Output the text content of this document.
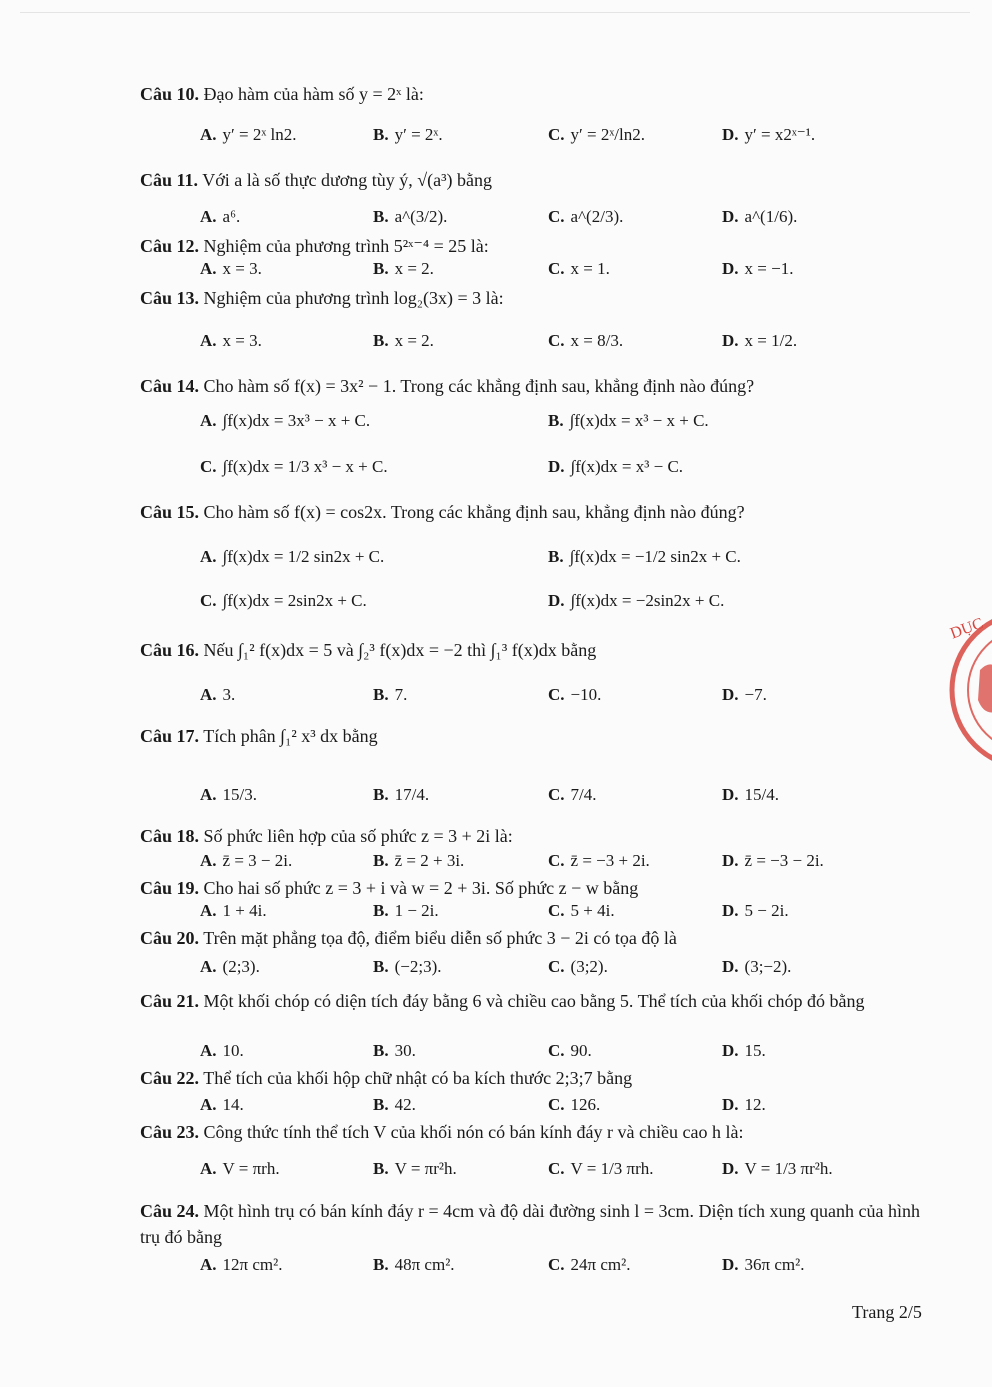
Câu 10. Đạo hàm của hàm số y = 2ˣ là:
A. y′ = 2ˣ ln2.	B. y′ = 2ˣ.	C. y′ = 2ˣ/ln2.	D. y′ = x2ˣ⁻¹.
Câu 11. Với a là số thực dương tùy ý, √(a³) bằng
A. a⁶.	B. a^(3/2).	C. a^(2/3).	D. a^(1/6).
Câu 12. Nghiệm của phương trình 5²ˣ⁻⁴ = 25 là:
A. x = 3.	B. x = 2.	C. x = 1.	D. x = −1.
Câu 13. Nghiệm của phương trình log₂(3x) = 3 là:
A. x = 3.	B. x = 2.	C. x = 8/3.	D. x = 1/2.
Câu 14. Cho hàm số f(x) = 3x² − 1. Trong các khẳng định sau, khẳng định nào đúng?
A. ∫f(x)dx = 3x³ − x + C.	B. ∫f(x)dx = x³ − x + C.
C. ∫f(x)dx = 1/3 x³ − x + C.	D. ∫f(x)dx = x³ − C.
Câu 15. Cho hàm số f(x) = cos2x. Trong các khẳng định sau, khẳng định nào đúng?
A. ∫f(x)dx = 1/2 sin2x + C.	B. ∫f(x)dx = −1/2 sin2x + C.
C. ∫f(x)dx = 2sin2x + C.	D. ∫f(x)dx = −2sin2x + C.
Câu 16. Nếu ∫₁² f(x)dx = 5 và ∫₂³ f(x)dx = −2 thì ∫₁³ f(x)dx bằng
A. 3.	B. 7.	C. −10.	D. −7.
Câu 17. Tích phân ∫₁² x³ dx bằng
A. 15/3.	B. 17/4.	C. 7/4.	D. 15/4.
Câu 18. Số phức liên hợp của số phức z = 3 + 2i là:
A. z̄ = 3 − 2i.	B. z̄ = 2 + 3i.	C. z̄ = −3 + 2i.	D. z̄ = −3 − 2i.
Câu 19. Cho hai số phức z = 3 + i và w = 2 + 3i. Số phức z − w bằng
A. 1 + 4i.	B. 1 − 2i.	C. 5 + 4i.	D. 5 − 2i.
Câu 20. Trên mặt phẳng tọa độ, điểm biểu diễn số phức 3 − 2i có tọa độ là
A. (2;3).	B. (−2;3).	C. (3;2).	D. (3;−2).
Câu 21. Một khối chóp có diện tích đáy bằng 6 và chiều cao bằng 5. Thể tích của khối chóp đó bằng
A. 10.	B. 30.	C. 90.	D. 15.
Câu 22. Thể tích của khối hộp chữ nhật có ba kích thước 2;3;7 bằng
A. 14.	B. 42.	C. 126.	D. 12.
Câu 23. Công thức tính thể tích V của khối nón có bán kính đáy r và chiều cao h là:
A. V = πrh.	B. V = πr²h.	C. V = 1/3 πrh.	D. V = 1/3 πr²h.
Câu 24. Một hình trụ có bán kính đáy r = 4cm và độ dài đường sinh l = 3cm. Diện tích xung quanh của hình trụ đó bằng
A. 12π cm².	B. 48π cm².	C. 24π cm².	D. 36π cm².
Trang 2/5
DỤC
